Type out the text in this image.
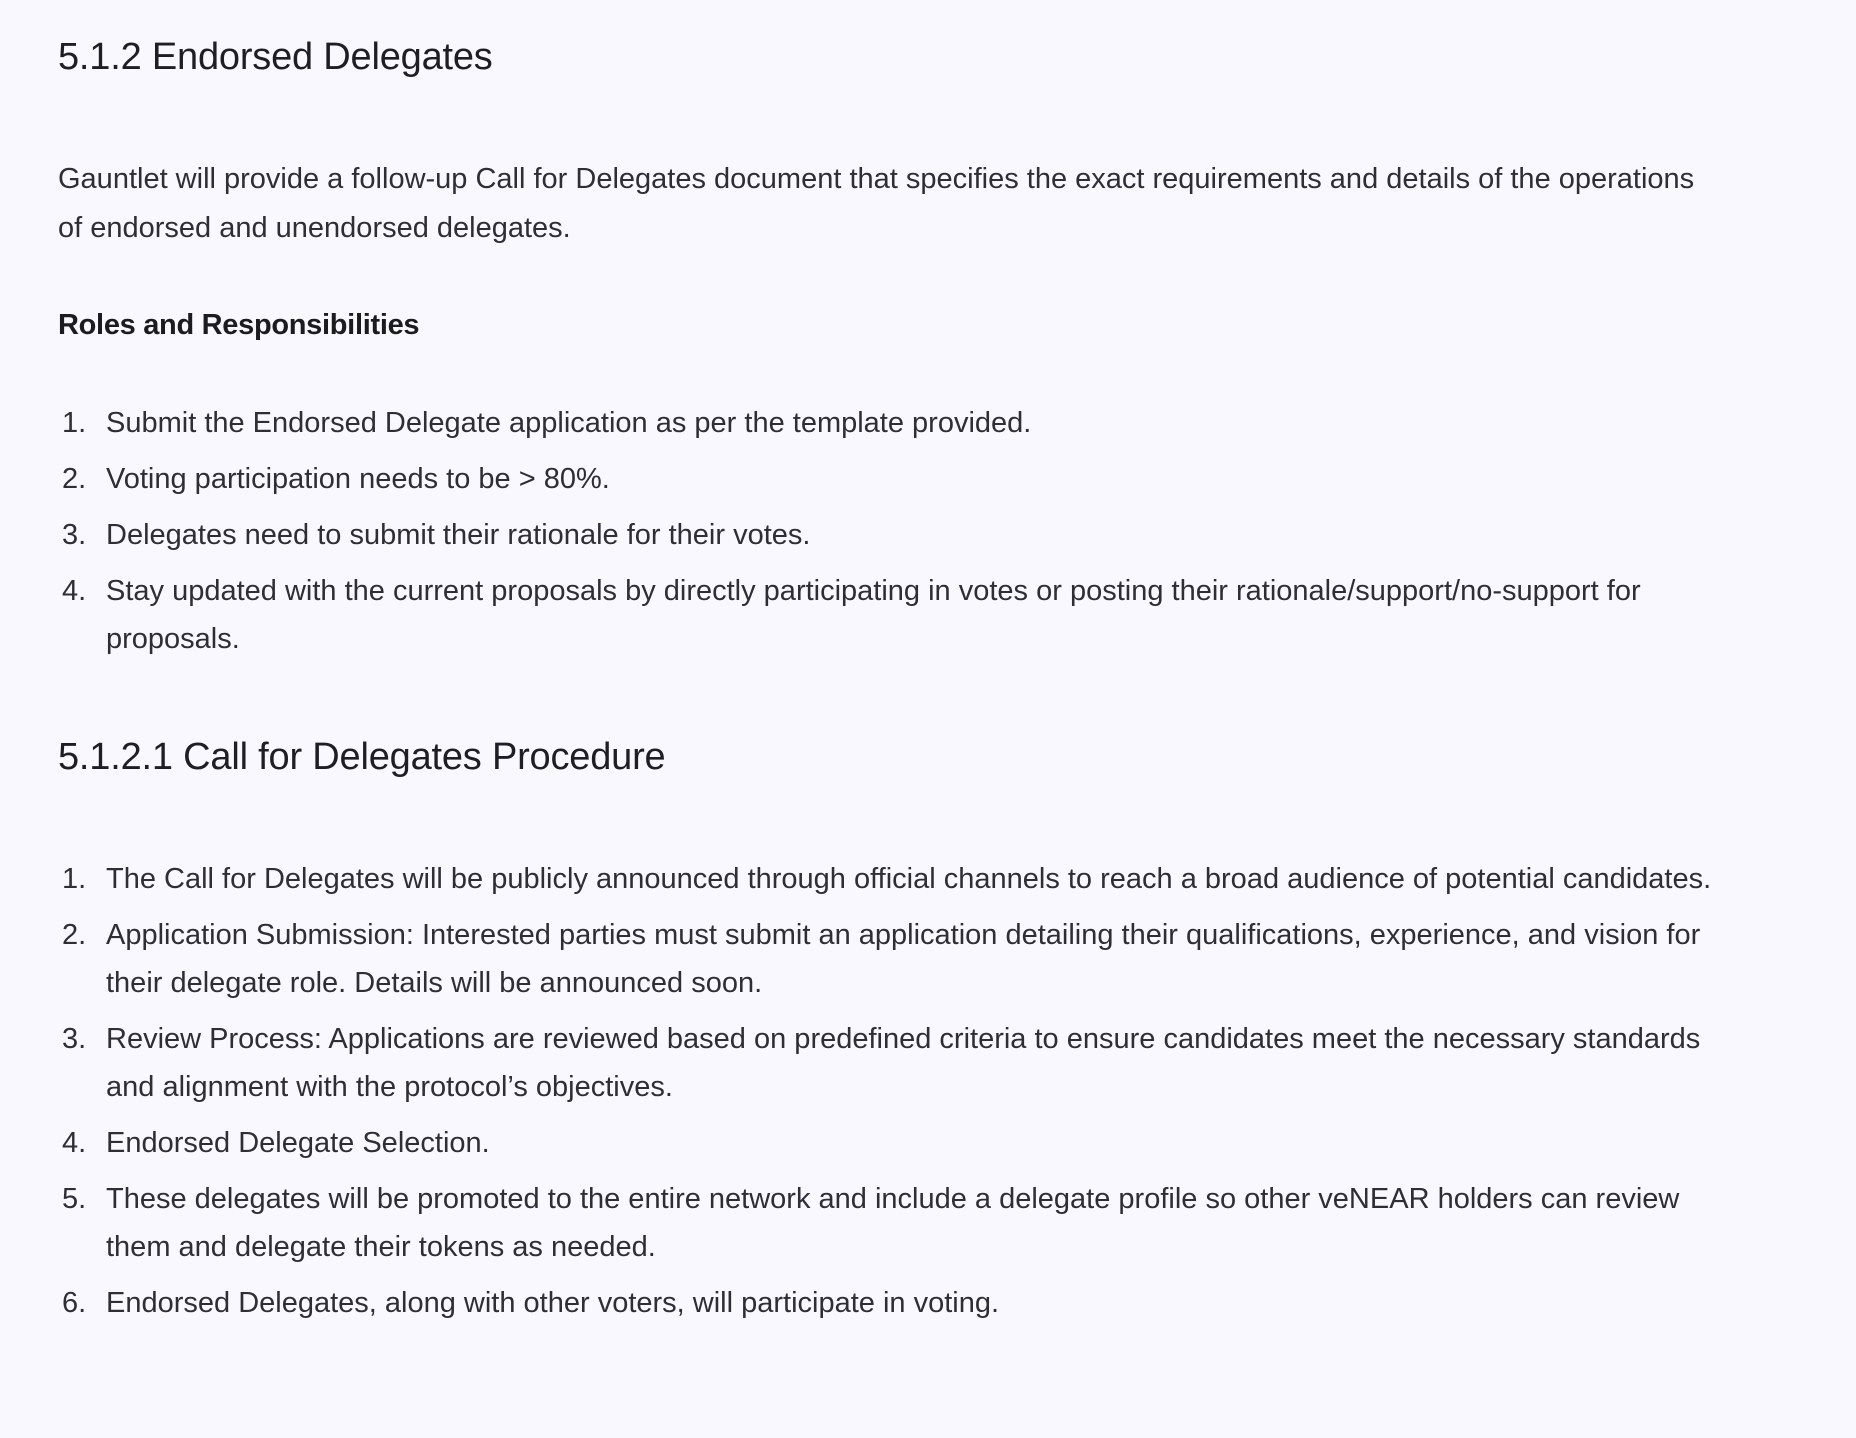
5.1.2 Endorsed Delegates

Gauntlet will provide a follow-up Call for Delegates document that specifies the exact requirements and details of the operations of endorsed and unendorsed delegates.

Roles and Responsibilities
1. Submit the Endorsed Delegate application as per the template provided.
2. Voting participation needs to be > 80%.
3. Delegates need to submit their rationale for their votes.
4. Stay updated with the current proposals by directly participating in votes or posting their rationale/support/no-support for proposals.
5.1.2.1 Call for Delegates Procedure
1. The Call for Delegates will be publicly announced through official channels to reach a broad audience of potential candidates.
2. Application Submission: Interested parties must submit an application detailing their qualifications, experience, and vision for their delegate role. Details will be announced soon.
3. Review Process: Applications are reviewed based on predefined criteria to ensure candidates meet the necessary standards and alignment with the protocol’s objectives.
4. Endorsed Delegate Selection.
5. These delegates will be promoted to the entire network and include a delegate profile so other veNEAR holders can review them and delegate their tokens as needed.
6. Endorsed Delegates, along with other voters, will participate in voting.
